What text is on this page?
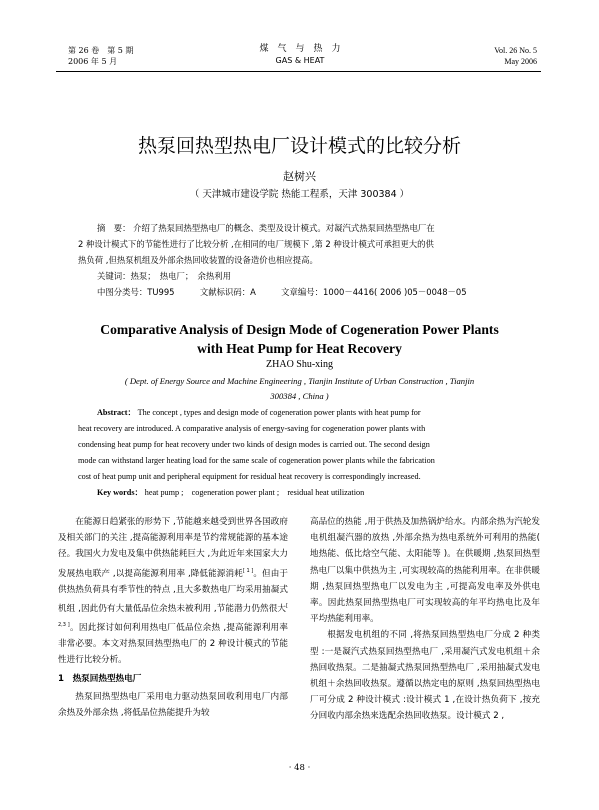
第 26 卷　第 5 期
2006 年 5 月
煤　气　与　热　力
GAS & HEAT
Vol. 26 No. 5
May 2006
热泵回热型热电厂设计模式的比较分析
赵树兴
（ 天津城市建设学院 热能工程系，天津 300384 ）
摘　要： 介绍了热泵回热型热电厂的概念、类型及设计模式。对凝汽式热泵回热型热电厂在
2 种设计模式下的节能性进行了比较分析 ,在相同的电厂规模下 ,第 2 种设计模式可承担更大的供
热负荷 ,但热泵机组及外部余热回收装置的设备造价也相应提高。
关键词：热泵；　热电厂；　余热利用
中图分类号：TU995	文献标识码：A	文章编号：1000－4416( 2006 )05－0048－05
Comparative Analysis of Design Mode of Cogeneration Power Plants
with Heat Pump for Heat Recovery
ZHAO Shu-xing
( Dept. of Energy Source and Machine Engineering , Tianjin Institute of Urban Construction , Tianjin
300384 , China )
Abstract： The concept , types and design mode of cogeneration power plants with heat pump for
heat recovery are introduced. A comparative analysis of energy-saving for cogeneration power plants with
condensing heat pump for heat recovery under two kinds of design modes is carried out. The second design
mode can withstand larger heating load for the same scale of cogeneration power plants while the fabrication
cost of heat pump unit and peripheral equipment for residual heat recovery is correspondingly increased.
Key words： heat pump ;　cogeneration power plant ;　residual heat utilization

在能源日趋紧张的形势下 ,节能越来越受到世界各国政府及相关部门的关注 ,提高能源利用率是节约常规能源的基本途径。我国火力发电及集中供热能耗巨大 ,为此近年来国家大力发展热电联产 ,以提高能源利用率 ,降低能源消耗[ 1 ]。但由于供热热负荷具有季节性的特点 ,且大多数热电厂均采用抽凝式机组 ,因此仍有大量低品位余热未被利用 ,节能潜力仍然很大[ 2,3 ]。因此探讨如何利用热电厂低品位余热 ,提高能源利用率非常必要。本文对热泵回热型热电厂的 2 种设计模式的节能性进行比较分析。

1　热泵回热型热电厂

热泵回热型热电厂采用电力驱动热泵回收利用电厂内部余热及外部余热 ,将低品位热能提升为较

高品位的热能 ,用于供热及加热锅炉给水。内部余热为汽轮发电机组凝汽器的放热 ,外部余热为热电系统外可利用的热能( 地热能、低比焓空气能、太阳能等 )。在供暖期 ,热泵回热型热电厂以集中供热为主 ,可实现较高的热能利用率。在非供暖期 ,热泵回热型热电厂以发电为主 ,可提高发电率及外供电率。因此热泵回热型热电厂可实现较高的年平均热电比及年平均热能利用率。

根据发电机组的不同 ,将热泵回热型热电厂分成 2 种类型 :一是凝汽式热泵回热型热电厂 ,采用凝汽式发电机组＋余热回收热泵。二是抽凝式热泵回热型热电厂 ,采用抽凝式发电机组＋余热回收热泵。遵循以热定电的原则 ,热泵回热型热电厂可分成 2 种设计模式 :设计模式 1 ,在设计热负荷下 ,按充分回收内部余热来选配余热回收热泵。设计模式 2 ,

· 48 ·
